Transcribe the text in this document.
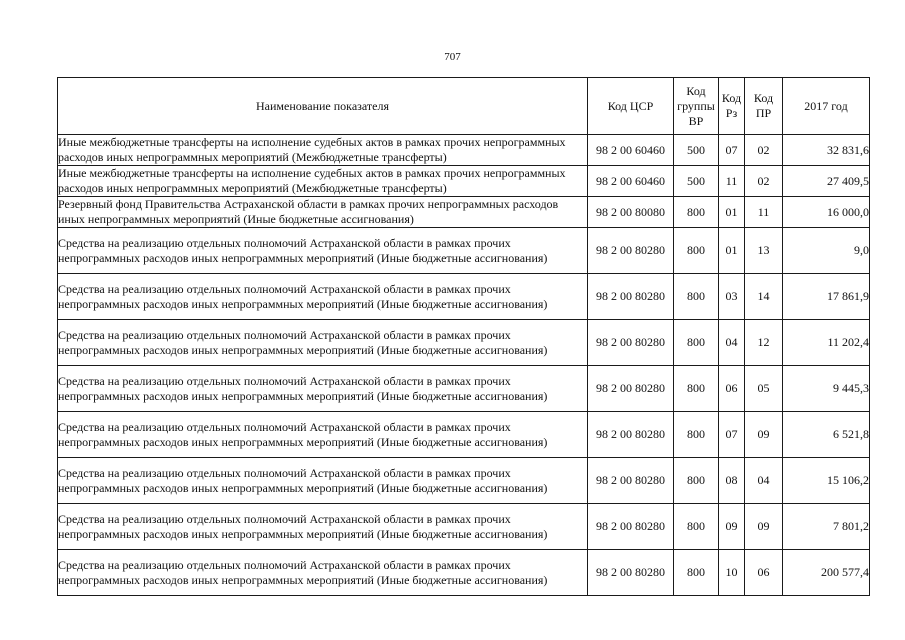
707
Наименование показателя	Код ЦСР	Код группы ВР	Код Рз	Код ПР	2017 год
Иные межбюджетные трансферты на исполнение судебных актов в рамках прочих непрограммных расходов иных непрограммных мероприятий (Межбюджетные трансферты)	98 2 00 60460	500	07	02	32 831,6
Иные межбюджетные трансферты на исполнение судебных актов в рамках прочих непрограммных расходов иных непрограммных мероприятий (Межбюджетные трансферты)	98 2 00 60460	500	11	02	27 409,5
Резервный фонд Правительства Астраханской области в рамках прочих непрограммных расходов иных непрограммных мероприятий (Иные бюджетные ассигнования)	98 2 00 80080	800	01	11	16 000,0
Средства на реализацию отдельных полномочий Астраханской области в рамках прочих непрограммных расходов иных непрограммных мероприятий (Иные бюджетные ассигнования)	98 2 00 80280	800	01	13	9,0
Средства на реализацию отдельных полномочий Астраханской области в рамках прочих непрограммных расходов иных непрограммных мероприятий (Иные бюджетные ассигнования)	98 2 00 80280	800	03	14	17 861,9
Средства на реализацию отдельных полномочий Астраханской области в рамках прочих непрограммных расходов иных непрограммных мероприятий (Иные бюджетные ассигнования)	98 2 00 80280	800	04	12	11 202,4
Средства на реализацию отдельных полномочий Астраханской области в рамках прочих непрограммных расходов иных непрограммных мероприятий (Иные бюджетные ассигнования)	98 2 00 80280	800	06	05	9 445,3
Средства на реализацию отдельных полномочий Астраханской области в рамках прочих непрограммных расходов иных непрограммных мероприятий (Иные бюджетные ассигнования)	98 2 00 80280	800	07	09	6 521,8
Средства на реализацию отдельных полномочий Астраханской области в рамках прочих непрограммных расходов иных непрограммных мероприятий (Иные бюджетные ассигнования)	98 2 00 80280	800	08	04	15 106,2
Средства на реализацию отдельных полномочий Астраханской области в рамках прочих непрограммных расходов иных непрограммных мероприятий (Иные бюджетные ассигнования)	98 2 00 80280	800	09	09	7 801,2
Средства на реализацию отдельных полномочий Астраханской области в рамках прочих непрограммных расходов иных непрограммных мероприятий (Иные бюджетные ассигнования)	98 2 00 80280	800	10	06	200 577,4
